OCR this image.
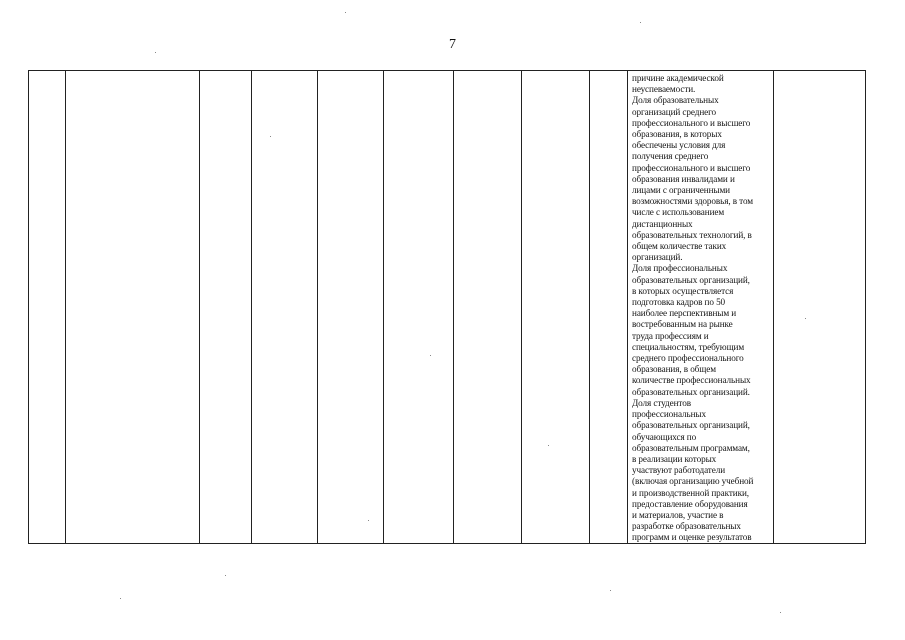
7
причине академической
неуспеваемости.
Доля образовательных
организаций среднего
профессионального и высшего
образования, в которых
обеспечены условия для
получения среднего
профессионального и высшего
образования инвалидами и
лицами с ограниченными
возможностями здоровья, в том
числе с использованием
дистанционных
образовательных технологий, в
общем количестве таких
организаций.
Доля профессиональных
образовательных организаций,
в которых осуществляется
подготовка кадров по 50
наиболее перспективным и
востребованным на рынке
труда профессиям и
специальностям, требующим
среднего профессионального
образования, в общем
количестве профессиональных
образовательных организаций.
Доля студентов
профессиональных
образовательных организаций,
обучающихся по
образовательным программам,
в реализации которых
участвуют работодатели
(включая организацию учебной
и производственной практики,
предоставление оборудования
и материалов, участие в
разработке образовательных
программ и оценке результатов
